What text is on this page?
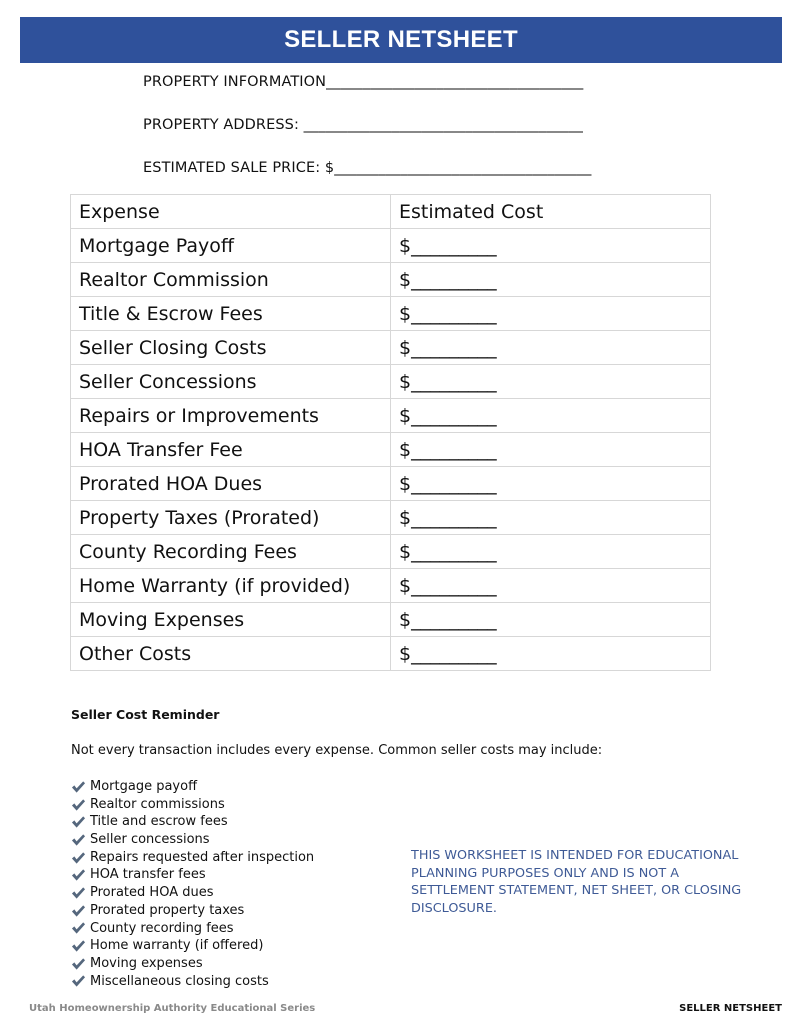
SELLER NETSHEET
PROPERTY INFORMATION___________________________________
PROPERTY ADDRESS: ______________________________________
ESTIMATED SALE PRICE: $___________________________________
Expense	Estimated Cost
Mortgage Payoff	$_________
Realtor Commission	$_________
Title & Escrow Fees	$_________
Seller Closing Costs	$_________
Seller Concessions	$_________
Repairs or Improvements	$_________
HOA Transfer Fee	$_________
Prorated HOA Dues	$_________
Property Taxes (Prorated)	$_________
County Recording Fees	$_________
Home Warranty (if provided)	$_________
Moving Expenses	$_________
Other Costs	$_________
Seller Cost Reminder
Not every transaction includes every expense. Common seller costs may include:
Mortgage payoff
Realtor commissions
Title and escrow fees
Seller concessions
Repairs requested after inspection
HOA transfer fees
Prorated HOA dues
Prorated property taxes
County recording fees
Home warranty (if offered)
Moving expenses
Miscellaneous closing costs
THIS WORKSHEET IS INTENDED FOR EDUCATIONAL PLANNING PURPOSES ONLY AND IS NOT A SETTLEMENT STATEMENT, NET SHEET, OR CLOSING DISCLOSURE.
Utah Homeownership Authority Educational Series	SELLER NETSHEET
